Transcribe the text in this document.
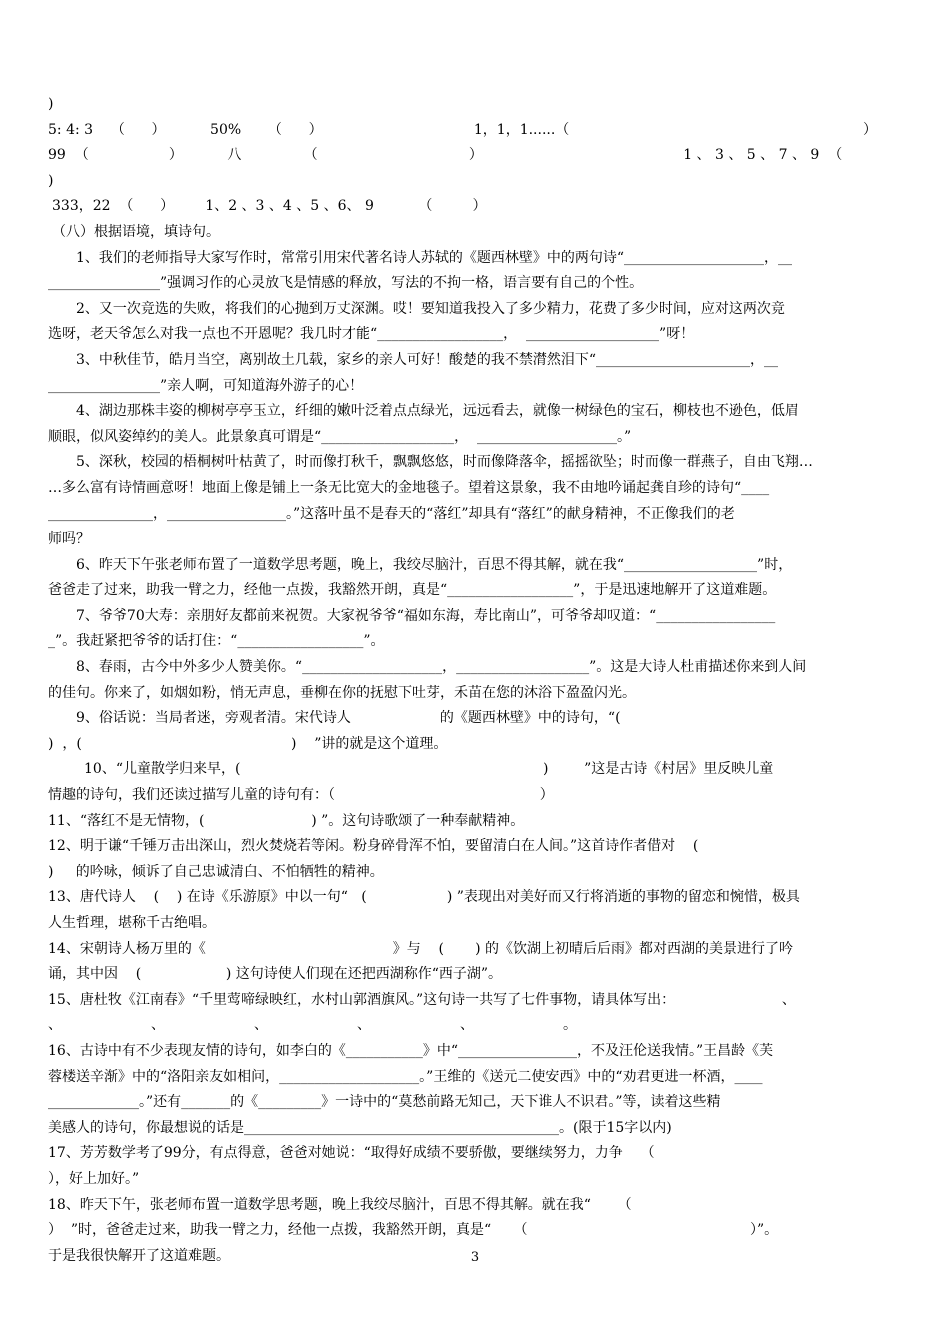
)
5: 4: 3    （      ）          50%      （      ）                                  1，1，1......（                                                                  ）
99  （                  ）          八              （                                  ）                                             1 、 3 、 5 、 7 、 9  （
)
333，22  （      ）       1、2 、3 、4 、5 、6、 9          （         ）
（八）根据语境，填诗句。
1、我们的老师指导大家写作时，常常引用宋代著名诗人苏轼的《题西林壁》中的两句诗“____________________，__
________________”强调习作的心灵放飞是情感的释放，写法的不拘一格，语言要有自己的个性。
2、又一次竞选的失败，将我们的心抛到万丈深渊。哎！要知道我投入了多少精力，花费了多少时间，应对这两次竞
选呀，老天爷怎么对我一点也不开恩呢？我几时才能“__________________，  ___________________”呀！
3、中秋佳节，皓月当空，离别故土几载，家乡的亲人可好！酸楚的我不禁潸然泪下“______________________，__
________________”亲人啊，可知道海外游子的心！
4、湖边那株丰姿的柳树亭亭玉立，纤细的嫩叶泛着点点绿光，远远看去，就像一树绿色的宝石，柳枝也不逊色，低眉
顺眼，似风姿绰约的美人。此景象真可谓是“___________________，  ____________________。”
5、深秋，校园的梧桐树叶枯黄了，时而像打秋千，飘飘悠悠，时而像降落伞，摇摇欲坠；时而像一群燕子，自由飞翔…
…多么富有诗情画意呀！地面上像是铺上一条无比宽大的金地毯子。望着这景象，我不由地吟诵起龚自珍的诗句“____
_______________，_________________。”这落叶虽不是春天的“落红”却具有“落红”的献身精神，不正像我们的老
师吗？
6、昨天下午张老师布置了一道数学思考题，晚上，我绞尽脑汁，百思不得其解，就在我“___________________”时，
爸爸走了过来，助我一臂之力，经他一点拨，我豁然开朗，真是“__________________”，于是迅速地解开了这道难题。
7、爷爷70大寿：亲朋好友都前来祝贺。大家祝爷爷“福如东海，寿比南山”，可爷爷却叹道：“_________________
_”。我赶紧把爷爷的话打住：“__________________”。
8、春雨，古今中外多少人赞美你。“____________________，___________________”。这是大诗人杜甫描述你来到人间
的佳句。你来了，如烟如粉，悄无声息，垂柳在你的抚慰下吐芽，禾苗在您的沐浴下盈盈闪光。
9、俗话说：当局者迷，旁观者清。宋代诗人                    的《题西林壁》中的诗句，“(
)  ，(                                               )    ”讲的就是这个道理。
10、“儿童散学归来早，(                                                                    )        ”这是古诗《村居》里反映儿童
情趣的诗句，我们还读过描写儿童的诗句有：（                                              ）
11、“落红不是无情物，(                        ) ”。这句诗歌颂了一种奉献精神。
12、明于谦“千锤万击出深山，烈火焚烧若等闲。粉身碎骨浑不怕，要留清白在人间。”这首诗作者借对    (
)     的吟咏，倾诉了自己忠诚清白、不怕牺牲的精神。
13、唐代诗人    (    ) 在诗《乐游原》中以一句“   (                  ) ”表现出对美好而又行将消逝的事物的留恋和惋惜，极具
人生哲理，堪称千古绝唱。
14、宋朝诗人杨万里的《                                          》与    (       ) 的《饮湖上初晴后后雨》都对西湖的美景进行了吟
诵，其中因    (                   ) 这句诗使人们现在还把西湖称作“西子湖”。
15、唐杜牧《江南春》“千里莺啼绿映红，水村山郭酒旗风。”这句诗一共写了七件事物，请具体写出：                        、
、                    、                    、                    、                    、                    。
16、古诗中有不少表现友情的诗句，如李白的《___________》中“_________________，不及汪伦送我情。”王昌龄《芙
蓉楼送辛渐》中的“洛阳亲友如相问，____________________。”王维的《送元二使安西》中的“劝君更进一杯酒，____
_____________。”还有_______的《_________》一诗中的“莫愁前路无知己，天下谁人不识君。”等，读着这些精
美感人的诗句，你最想说的话是_____________________________________________。(限于15字以内)
17、芳芳数学考了99分，有点得意，爸爸对她说：“取得好成绩不要骄傲，要继续努力，力争    （
），好上加好。”
18、昨天下午，张老师布置一道数学思考题，晚上我绞尽脑汁，百思不得其解。就在我“      （
）  ”时，爸爸走过来，助我一臂之力，经他一点拨，我豁然开朗，真是“     （                                                  ）”。
于是我很快解开了这道难题。	3
